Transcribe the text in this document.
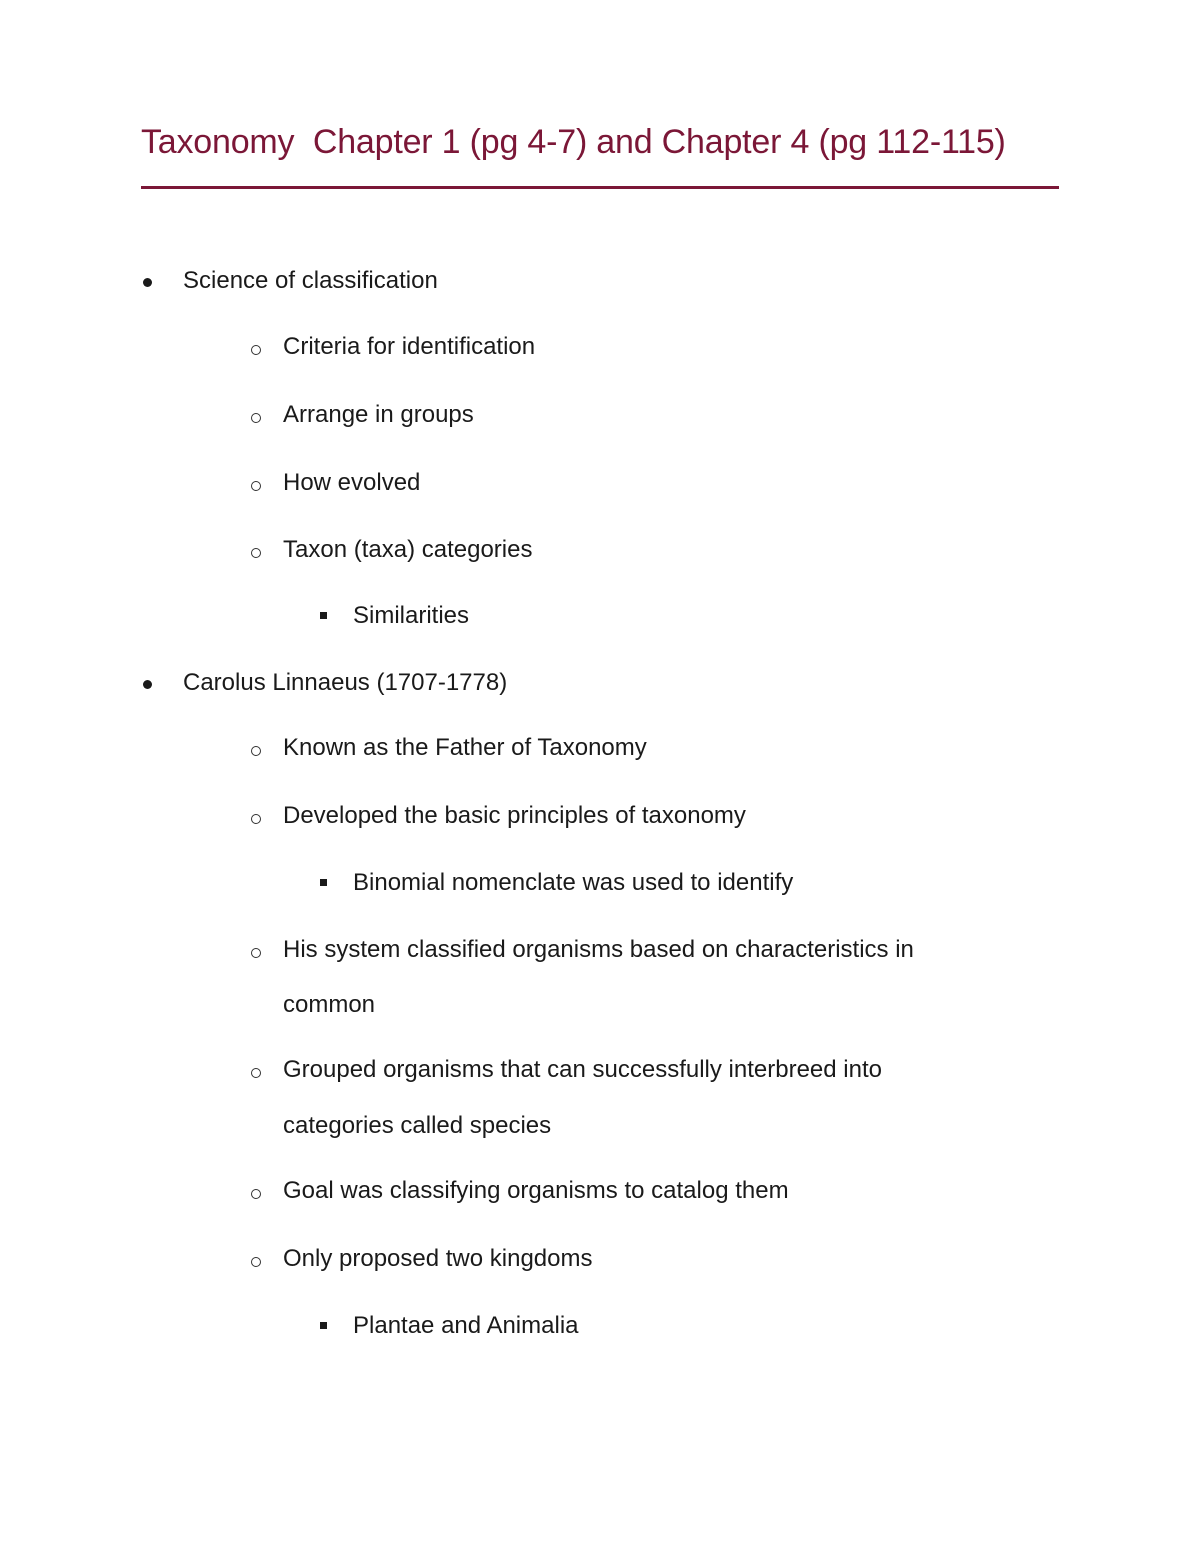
Taxonomy  Chapter 1 (pg 4-7) and Chapter 4 (pg 112-115)
Science of classification
Criteria for identification
Arrange in groups
How evolved
Taxon (taxa) categories
Similarities
Carolus Linnaeus (1707-1778)
Known as the Father of Taxonomy
Developed the basic principles of taxonomy
Binomial nomenclate was used to identify
His system classified organisms based on characteristics in
common
Grouped organisms that can successfully interbreed into
categories called species
Goal was classifying organisms to catalog them
Only proposed two kingdoms
Plantae and Animalia
